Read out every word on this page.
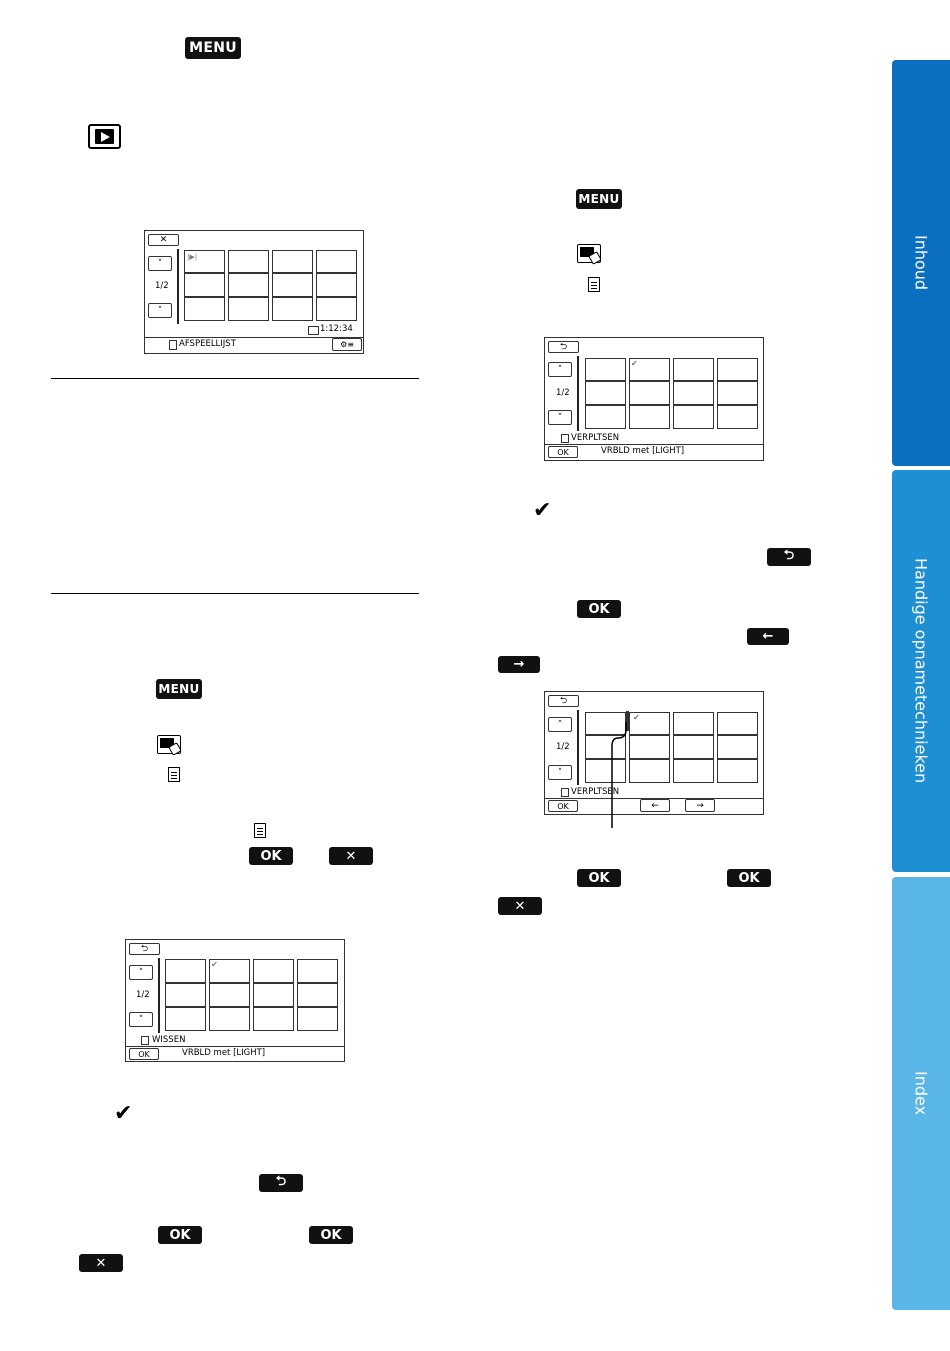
MENU
✕
˄
1/2
˅
|▶|
1:12:34
AFSPEELLIJST	⚙≡
MENU
OK	✕
⮌
˄
1/2
˅
✔
WISSEN
OK	VRBLD met [LIGHT]
✔
⮌
OK	OK
✕
MENU
⮌
˄
1/2
˅
✔
VERPLTSEN
OK	VRBLD met [LIGHT]
✔
⮌
OK
←
→
⮌
˄
1/2
˅
✔
VERPLTSEN
OK	←	→
OK	OK
✕
Inhoud
Handige opnametechnieken
Index
